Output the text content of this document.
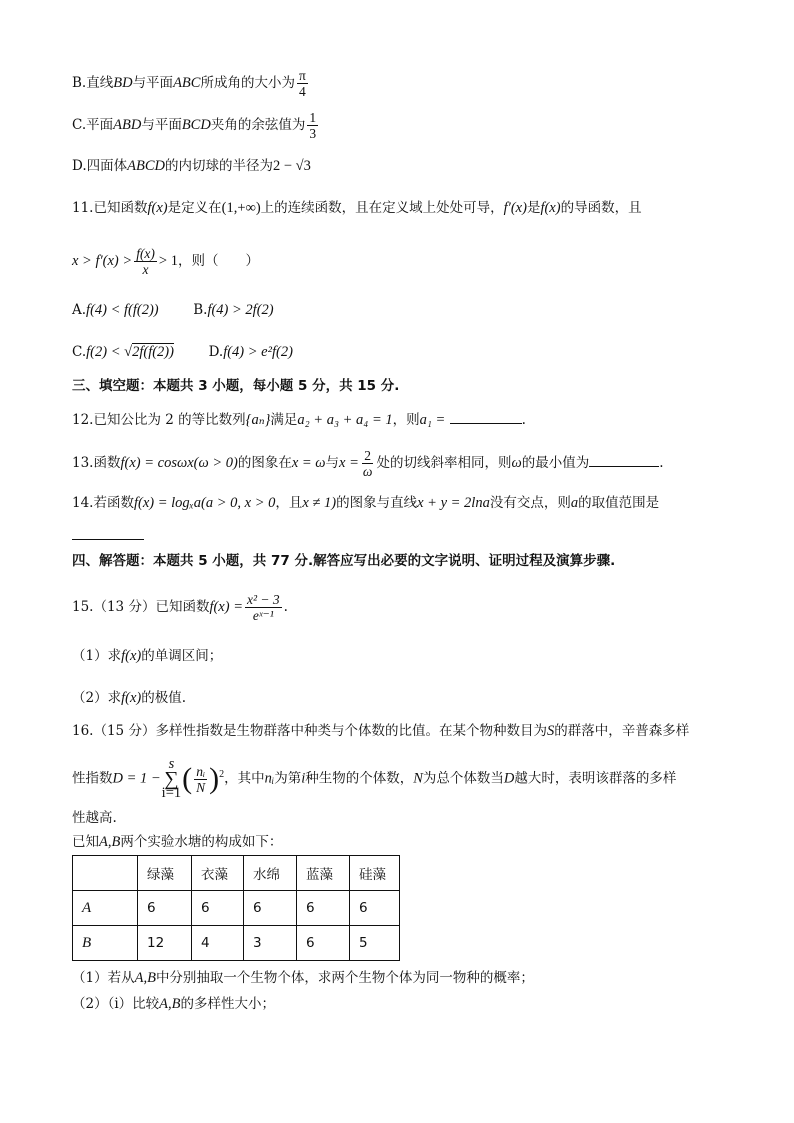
B.直线BD与平面ABC所成角的大小为 $\frac{\pi}{4}$
C.平面ABD与平面BCD夹角的余弦值为 $\frac{1}{3}$
D.四面体ABCD的内切球的半径为2 − √3
11.已知函数f(x)是定义在(1,+∞)上的连续函数，且在定义域上处处可导，f′(x)是f(x)的导函数，且
$x > f'(x) > \frac{f(x)}{x} > 1$，则（　　）
A.f(4) < f(f(2))	B.f(4) > 2f(2)
C.f(2) < √2f(f(2))	D.f(4) > e²f(2)
三、填空题：本题共 3 小题，每小题 5 分，共 15 分.
12.已知公比为 2 的等比数列{aₙ}满足a₂ + a₃ + a₄ = 1，则a₁ =	.
13.函数f(x) = cosωx(ω > 0)的图象在x = ω与$x = \frac{2}{\omega}$ 处的切线斜率相同，则ω的最小值为	.
14.若函数f(x) = logₓa(a > 0, x > 0，且x ≠ 1)的图象与直线x + y = 2lna没有交点，则a的取值范围是
四、解答题：本题共 5 小题，共 77 分.解答应写出必要的文字说明、证明过程及演算步骤.
15.（13 分）已知函数$f(x) = \frac{\text{x² − 3}}{\text{eˣ⁻¹}}$ .
（1）求f(x)的单调区间；
（2）求f(x)的极值.
16.（15 分）多样性指数是生物群落中种类与个体数的比值。在某个物种数目为S的群落中，辛普森多样
性指数D = 1 −
s
∑
i=1 ( $\frac{\text{nᵢ}}{N} )^2$，其中nᵢ为第i种生物的个体数，N为总个体数当D越大时，表明该群落的多样
性越高.
已知A,B两个实验水塘的构成如下：
	绿藻	衣藻	水绵	蓝藻	硅藻
A	6	6	6	6	6
B	12	4	3	6	5
（1）若从A,B中分别抽取一个生物个体，求两个生物个体为同一物种的概率；
（2）（i）比较A,B的多样性大小；
